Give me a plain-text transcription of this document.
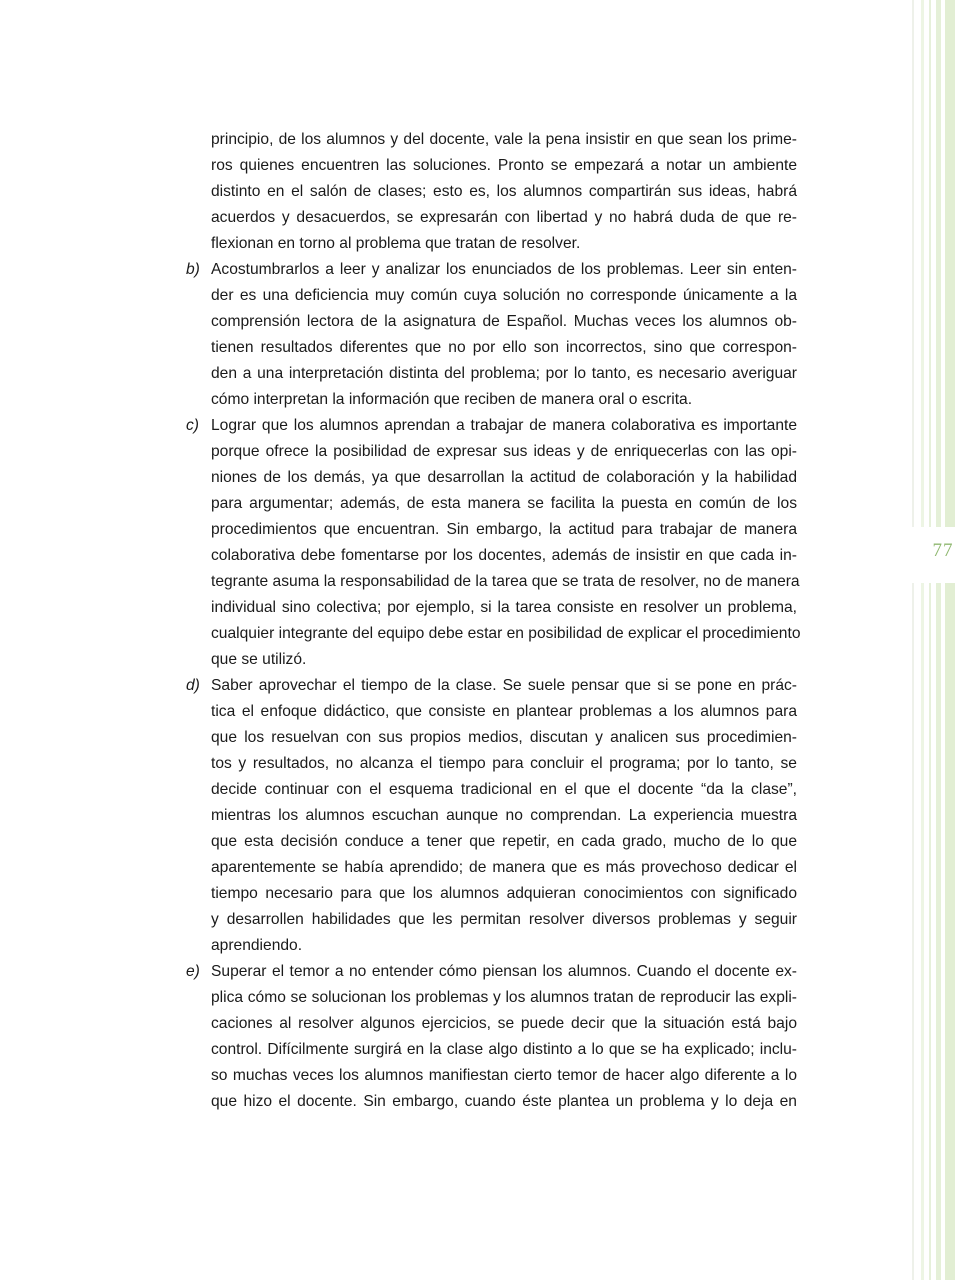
77
principio, de los alumnos y del docente, vale la pena insistir en que sean los prime-
ros quienes encuentren las soluciones. Pronto se empezará a notar un ambiente
distinto en el salón de clases; esto es, los alumnos compartirán sus ideas, habrá
acuerdos y desacuerdos, se expresarán con libertad y no habrá duda de que re-
flexionan en torno al problema que tratan de resolver.
b) Acostumbrarlos a leer y analizar los enunciados de los problemas. Leer sin enten-
der es una deficiencia muy común cuya solución no corresponde únicamente a la
comprensión lectora de la asignatura de Español. Muchas veces los alumnos ob-
tienen resultados diferentes que no por ello son incorrectos, sino que correspon-
den a una interpretación distinta del problema; por lo tanto, es necesario averiguar
cómo interpretan la información que reciben de manera oral o escrita.
c) Lograr que los alumnos aprendan a trabajar de manera colaborativa es importante
porque ofrece la posibilidad de expresar sus ideas y de enriquecerlas con las opi-
niones de los demás, ya que desarrollan la actitud de colaboración y la habilidad
para argumentar; además, de esta manera se facilita la puesta en común de los
procedimientos que encuentran. Sin embargo, la actitud para trabajar de manera
colaborativa debe fomentarse por los docentes, además de insistir en que cada in-
tegrante asuma la responsabilidad de la tarea que se trata de resolver, no de manera
individual sino colectiva; por ejemplo, si la tarea consiste en resolver un problema,
cualquier integrante del equipo debe estar en posibilidad de explicar el procedimiento
que se utilizó.
d) Saber aprovechar el tiempo de la clase. Se suele pensar que si se pone en prác-
tica el enfoque didáctico, que consiste en plantear problemas a los alumnos para
que los resuelvan con sus propios medios, discutan y analicen sus procedimien-
tos y resultados, no alcanza el tiempo para concluir el programa; por lo tanto, se
decide continuar con el esquema tradicional en el que el docente “da la clase”,
mientras los alumnos escuchan aunque no comprendan. La experiencia muestra
que esta decisión conduce a tener que repetir, en cada grado, mucho de lo que
aparentemente se había aprendido; de manera que es más provechoso dedicar el
tiempo necesario para que los alumnos adquieran conocimientos con significado
y desarrollen habilidades que les permitan resolver diversos problemas y seguir
aprendiendo.
e) Superar el temor a no entender cómo piensan los alumnos. Cuando el docente ex-
plica cómo se solucionan los problemas y los alumnos tratan de reproducir las expli-
caciones al resolver algunos ejercicios, se puede decir que la situación está bajo
control. Difícilmente surgirá en la clase algo distinto a lo que se ha explicado; inclu-
so muchas veces los alumnos manifiestan cierto temor de hacer algo diferente a lo
que hizo el docente. Sin embargo, cuando éste plantea un problema y lo deja en
